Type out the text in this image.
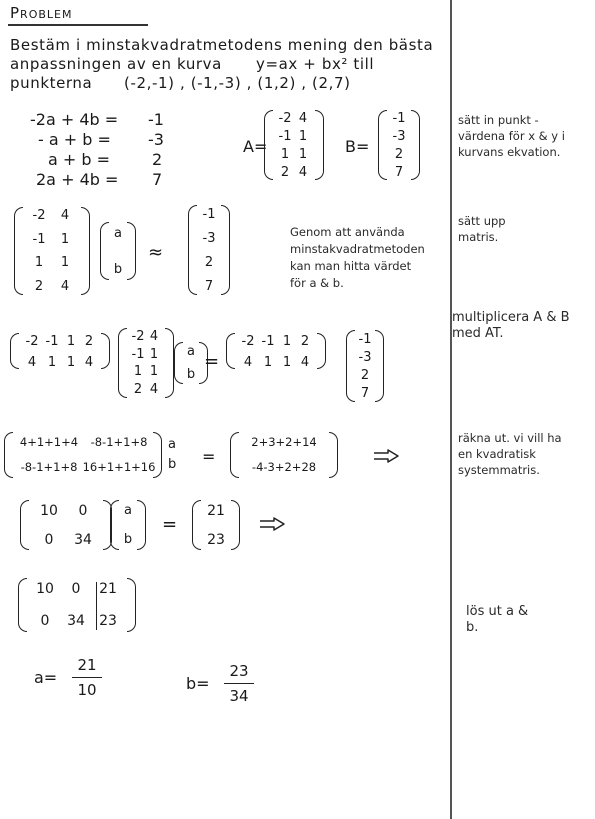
Problem
Bestäm i minstakvadratmetodens mening den bästa
anpassningen av en kurva y=ax + bx² till
punkterna (-2,-1) , (-1,-3) , (1,2) , (2,7)
-2a + 4b = -1
- a + b = -3
a + b =	2
2a + 4b = 7
A=
-2 4
-1 1
1 1
2 4
B=
-1
-3
2
7
sätt in punkt - värdena för x & y i kurvans ekvation.
-2 4
-1 1
1 1
2 4
a
b
≈
-1
-3
2
7
Genom att använda
minstakvadratmetoden
kan man hitta värdet
för a & b.
sätt upp matris.
-2 -1 1 2
4 1 1 4
-2 4
-1 1
1 1
2 4
a
b
=
-2 -1 1 2
4 1 1 4
-1
-3
2
7
multiplicera A & B med AT.
4+1+1+4 -8-1+1+8
-8-1+1+8 16+1+1+16
a
b =
2+3+2+14
-4-3+2+28
räkna ut. vi vill ha en kvadratisk systemmatris.
10 0
0 34
a
b
=
21
23
10 0 21
0 34 23
lös ut a & b.
a=
21
10	b=
23
34
